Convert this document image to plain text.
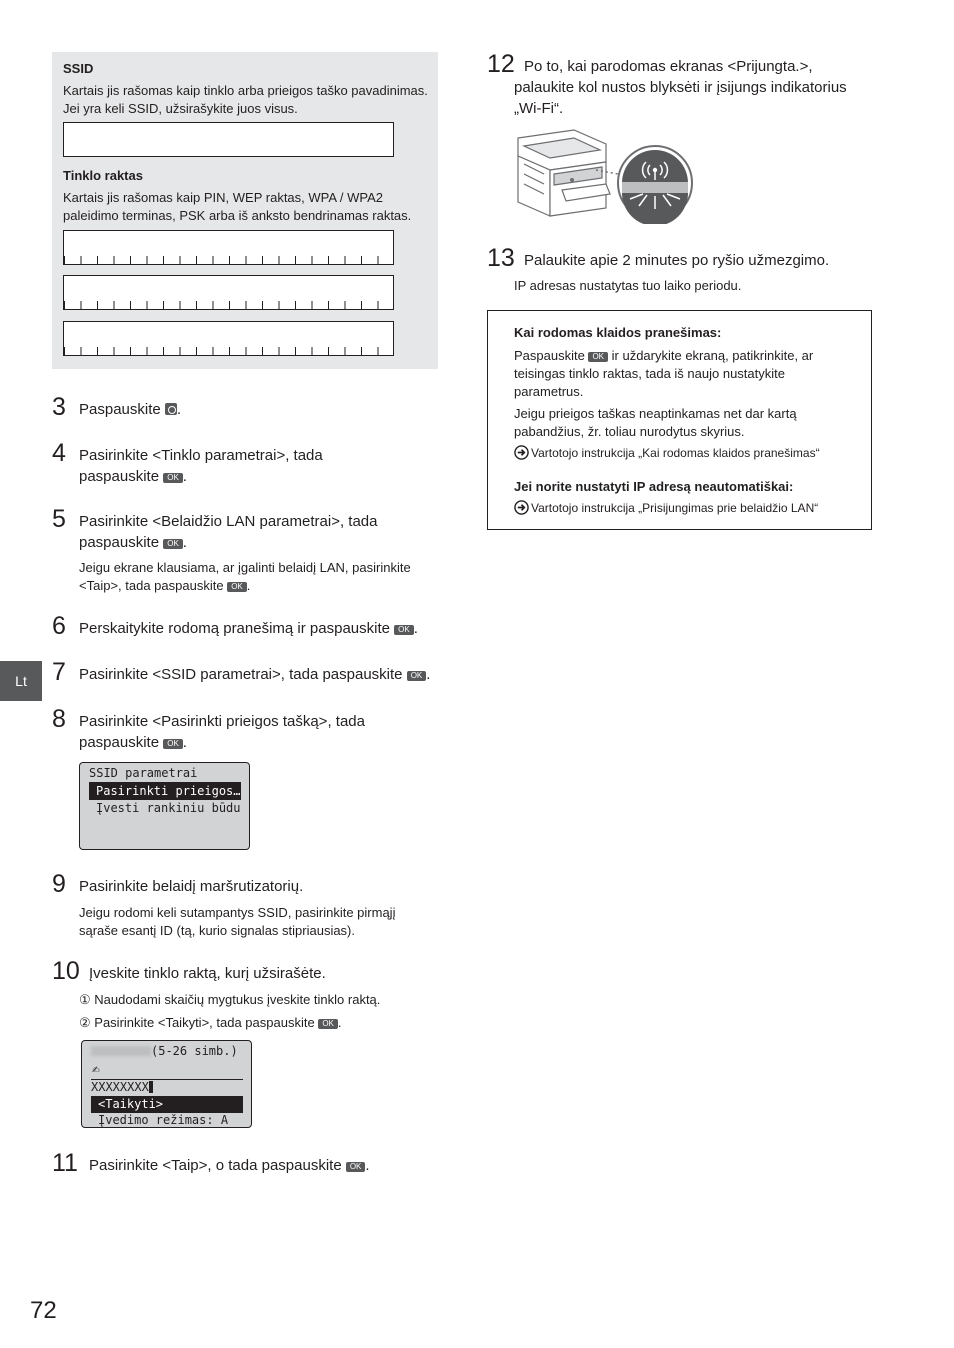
SSID
Kartais jis rašomas kaip tinklo arba prieigos taško pavadinimas. Jei yra keli SSID, užsirašykite juos visus.
Tinklo raktas
Kartais jis rašomas kaip PIN, WEP raktas, WPA / WPA2 paleidimo terminas, PSK arba iš anksto bendrinamas raktas.
3 Paspauskite .
4 Pasirinkite <Tinklo parametrai>, tada
paspauskite OK .
5 Pasirinkite <Belaidžio LAN parametrai>, tada
paspauskite OK .
Jeigu ekrane klausiama, ar įgalinti belaidį LAN, pasirinkite
<Taip>, tada paspauskite OK .
6 Perskaitykite rodomą pranešimą ir paspauskite OK .
7 Pasirinkite <SSID parametrai>, tada paspauskite OK .
8 Pasirinkite <Pasirinkti prieigos tašką>, tada
paspauskite OK .
SSID parametrai
Pasirinkti prieigos…
Įvesti rankiniu būdu
9 Pasirinkite belaidį maršrutizatorių.
Jeigu rodomi keli sutampantys SSID, pasirinkite pirmąjį
sąraše esantį ID (tą, kurio signalas stipriausias).
10 Įveskite tinklo raktą, kurį užsirašėte.
① Naudodami skaičių mygtukus įveskite tinklo raktą.
② Pasirinkite <Taikyti>, tada paspauskite OK .
(5-26 simb.)
✍
XXXXXXXX
<Taikyti>
Įvedimo režimas: A
11 Pasirinkite <Taip>, o tada paspauskite OK .
Lt
72
12 Po to, kai parodomas ekranas <Prijungta.>,
palaukite kol nustos blyksėti ir įsijungs indikatorius
„Wi-Fi“.
13 Palaukite apie 2 minutes po ryšio užmezgimo.
IP adresas nustatytas tuo laiko periodu.
Kai rodomas klaidos pranešimas:
Paspauskite OK ir uždarykite ekraną, patikrinkite, ar teisingas tinklo raktas, tada iš naujo nustatykite parametrus.
Jeigu prieigos taškas neaptinkamas net dar kartą pabandžius, žr. toliau nurodytus skyrius.
Vartotojo instrukcija „Kai rodomas klaidos pranešimas“
Jei norite nustatyti IP adresą neautomatiškai:
Vartotojo instrukcija „Prisijungimas prie belaidžio LAN“
